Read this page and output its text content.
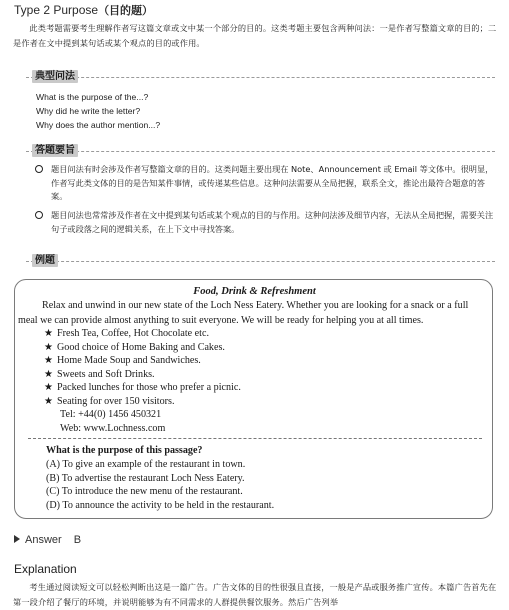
Type 2 Purpose（目的题）
此类考题需要考生理解作者写这篇文章或文中某一个部分的目的。这类考题主要包含两种问法：一是作者写整篇文章的目的；二是作者在文中提到某句话或某个观点的目的或作用。
典型问法
What is the purpose of the...?
Why did he write the letter?
Why does the author mention...?
答题要旨
题目问法有时会涉及作者写整篇文章的目的。这类问题主要出现在 Note、Announcement 或 Email 等文体中。很明显，作者写此类文体的目的是告知某件事情，或传递某些信息。这种问法需要从全局把握，联系全文，推论出最符合题意的答案。
题目问法也常常涉及作者在文中提到某句话或某个观点的目的与作用。这种问法涉及细节内容，无法从全局把握，需要关注句子或段落之间的逻辑关系，在上下文中寻找答案。
例题
Food, Drink & Refreshment
Relax and unwind in our new state of the Loch Ness Eatery. Whether you are looking for a snack or a full meal we can provide almost anything to suit everyone. We will be ready for helping you at all times.
★ Fresh Tea, Coffee, Hot Chocolate etc.
★ Good choice of Home Baking and Cakes.
★ Home Made Soup and Sandwiches.
★ Sweets and Soft Drinks.
★ Packed lunches for those who prefer a picnic.
★ Seating for over 150 visitors.
Tel: +44(0) 1456 450321
Web: www.Lochness.com
What is the purpose of this passage?
(A) To give an example of the restaurant in town.
(B) To advertise the restaurant Loch Ness Eatery.
(C) To introduce the new menu of the restaurant.
(D) To announce the activity to be held in the restaurant.
Answer B
Explanation
考生通过阅读短文可以轻松判断出这是一篇广告。广告文体的目的性很强且直接，一般是产品或服务推广宣传。本篇广告首先在第一段介绍了餐厅的环境，并说明能够为有不同需求的人群提供餐饮服务。然后广告列举
